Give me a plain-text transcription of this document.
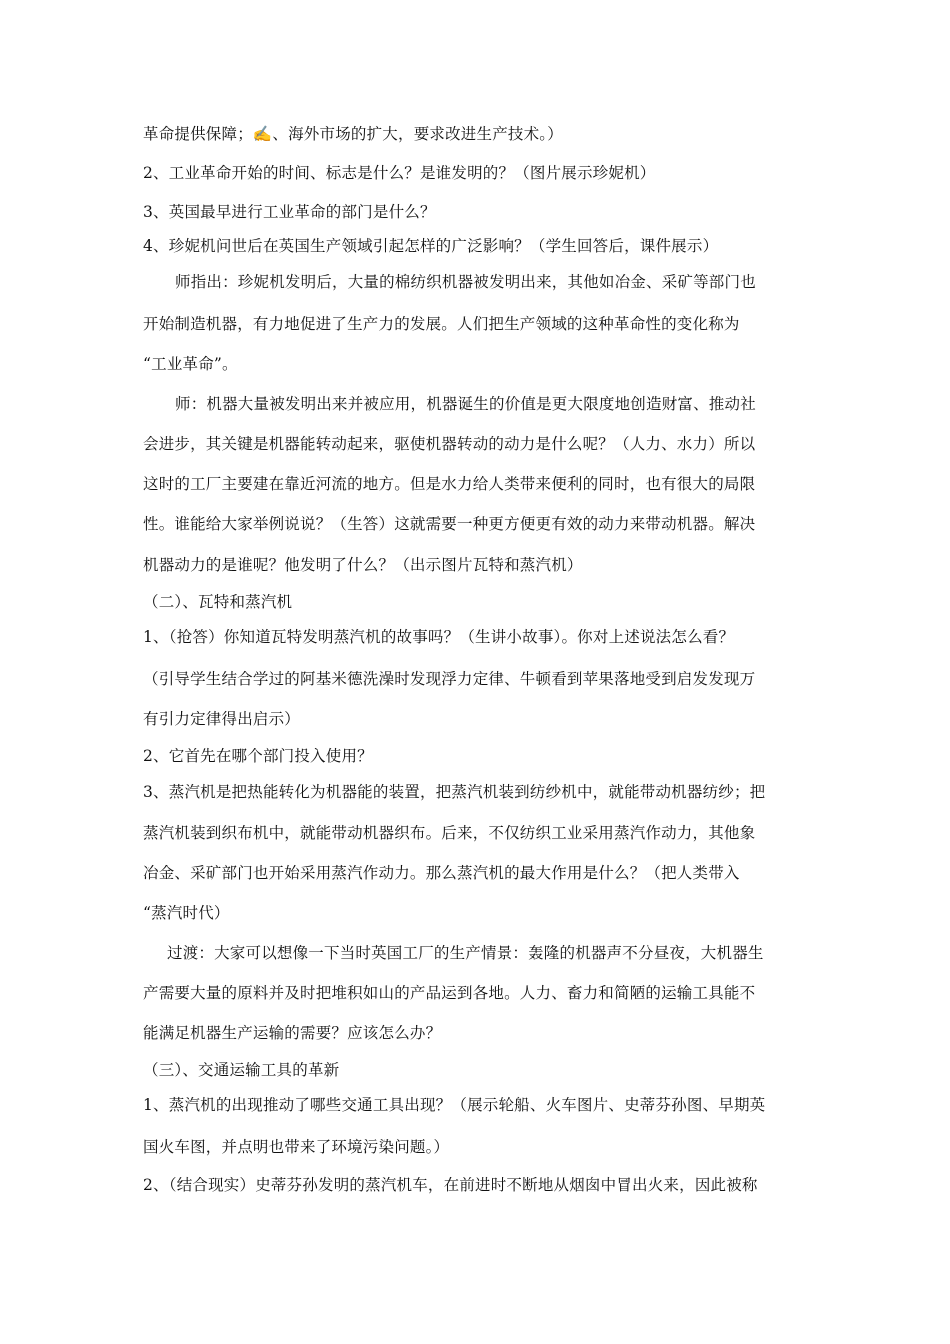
革命提供保障；✍、海外市场的扩大，要求改进生产技术。）

2、工业革命开始的时间、标志是什么？是谁发明的？（图片展示珍妮机）

3、英国最早进行工业革命的部门是什么？

4、珍妮机问世后在英国生产领域引起怎样的广泛影响？（学生回答后，课件展示）

师指出：珍妮机发明后，大量的棉纺织机器被发明出来，其他如冶金、采矿等部门也

开始制造机器，有力地促进了生产力的发展。人们把生产领域的这种革命性的变化称为

“工业革命”。

师：机器大量被发明出来并被应用，机器诞生的价值是更大限度地创造财富、推动社

会进步，其关键是机器能转动起来，驱使机器转动的动力是什么呢？（人力、水力）所以

这时的工厂主要建在靠近河流的地方。但是水力给人类带来便利的同时，也有很大的局限

性。谁能给大家举例说说？（生答）这就需要一种更方便更有效的动力来带动机器。解决

机器动力的是谁呢？他发明了什么？（出示图片瓦特和蒸汽机）

（二）、瓦特和蒸汽机

1、（抢答）你知道瓦特发明蒸汽机的故事吗？（生讲小故事）。你对上述说法怎么看？

（引导学生结合学过的阿基米德洗澡时发现浮力定律、牛顿看到苹果落地受到启发发现万

有引力定律得出启示）

2、它首先在哪个部门投入使用？

3、蒸汽机是把热能转化为机器能的装置，把蒸汽机装到纺纱机中，就能带动机器纺纱；把

蒸汽机装到织布机中，就能带动机器织布。后来，不仅纺织工业采用蒸汽作动力，其他象

冶金、采矿部门也开始采用蒸汽作动力。那么蒸汽机的最大作用是什么？（把人类带入

“蒸汽时代）

过渡：大家可以想像一下当时英国工厂的生产情景：轰隆的机器声不分昼夜，大机器生

产需要大量的原料并及时把堆积如山的产品运到各地。人力、畜力和简陋的运输工具能不

能满足机器生产运输的需要？应该怎么办？

（三）、交通运输工具的革新

1、蒸汽机的出现推动了哪些交通工具出现？（展示轮船、火车图片、史蒂芬孙图、早期英

国火车图，并点明也带来了环境污染问题。）

2、（结合现实）史蒂芬孙发明的蒸汽机车，在前进时不断地从烟囱中冒出火来，因此被称
